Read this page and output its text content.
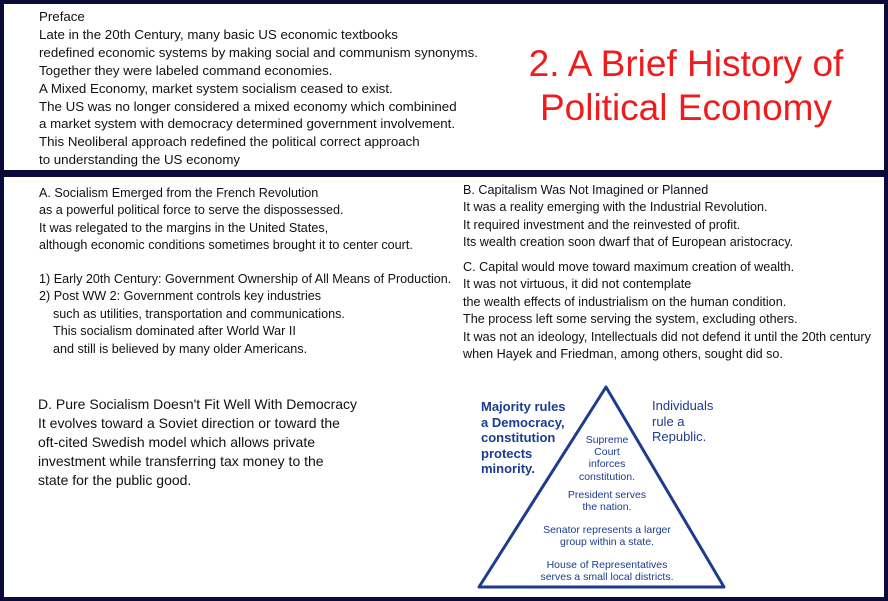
Preface
Late in the 20th Century, many basic US economic textbooks
redefined economic systems by making social and communism synonyms.
Together they were labeled command economies.
A Mixed Economy, market system socialism ceased to exist.
The US was no longer considered a mixed economy which combinined
a market system with democracy determined government involvement.
This Neoliberal approach redefined the political correct approach
to understanding the US economy
2. A Brief History of
Political Economy
A. Socialism Emerged from the French Revolution
as a powerful political force to serve the dispossessed.
It was relegated to the margins in the United States,
although economic conditions sometimes brought it to center court.
1) Early 20th Century: Government Ownership of All Means of Production.
2) Post WW 2: Government controls key industries
such as utilities, transportation and communications.
This socialism dominated after World War II
and still is believed by many older Americans.
B. Capitalism Was Not Imagined or Planned
It was a reality emerging with the Industrial Revolution.
It required investment and the reinvested of profit.
Its wealth creation soon dwarf that of European aristocracy.
C. Capital would move toward maximum creation of wealth.
It was not virtuous, it did not contemplate
the wealth effects of industrialism on the human condition.
The process left some serving the system, excluding others.
It was not an ideology, Intellectuals did not defend it until the 20th century
when Hayek and Friedman, among others, sought did so.
D. Pure Socialism Doesn't Fit Well With Democracy
It evolves toward a Soviet direction or toward the
oft-cited Swedish model which allows private
investment while transferring tax money to the
state for the public good.
Majority rules
a Democracy,
constitution
protects
minority.
Individuals
rule a
Republic.
Supreme
Court
inforces
constitution.
President serves
the nation.
Senator represents a larger
group within a state.
House of Representatives
serves a small local districts.
